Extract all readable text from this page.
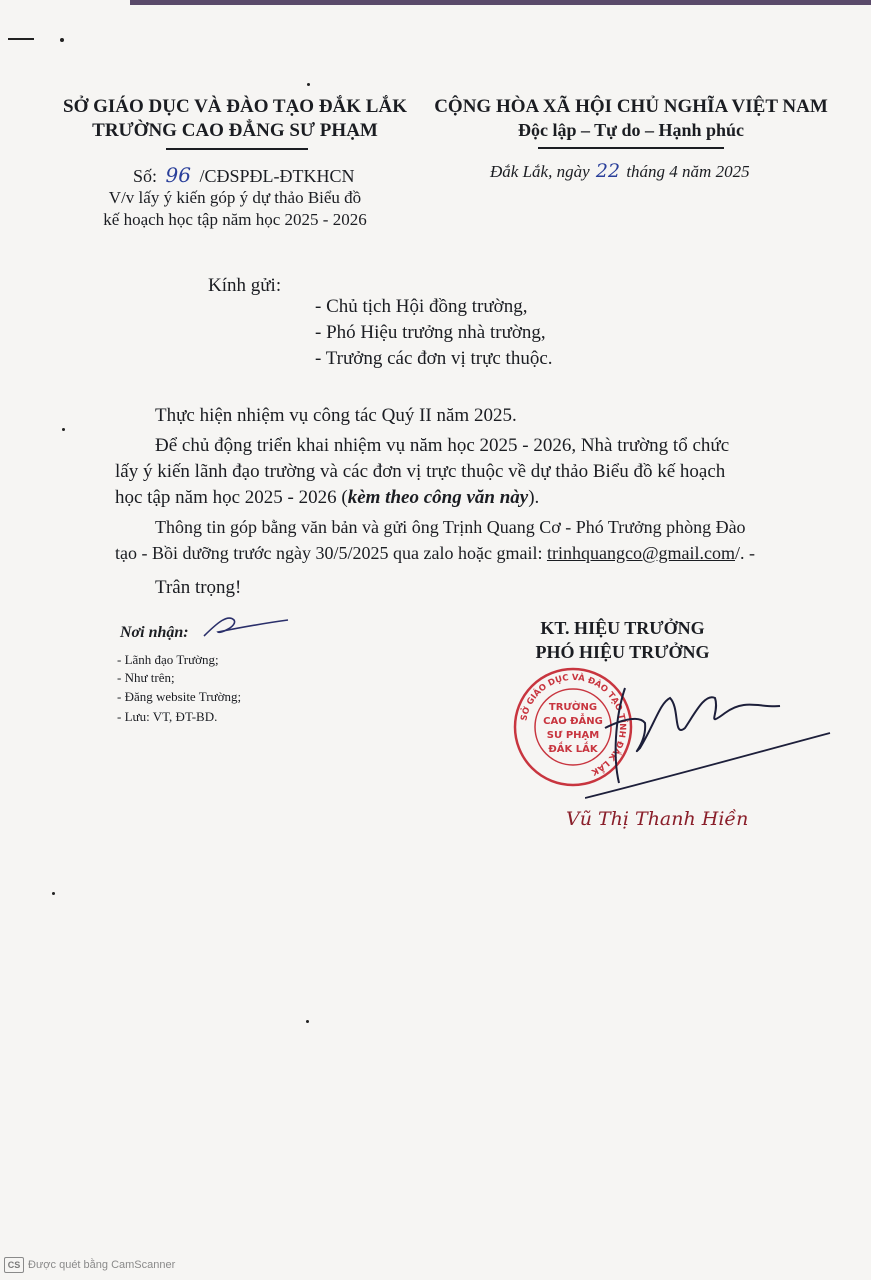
SỞ GIÁO DỤC VÀ ĐÀO TẠO ĐẮK LẮK
TRƯỜNG CAO ĐẲNG SƯ PHẠM
Số: 96 /CĐSPĐL-ĐTKHCN
V/v lấy ý kiến góp ý dự thảo Biểu đồ
kế hoạch học tập năm học 2025 - 2026
CỘNG HÒA XÃ HỘI CHỦ NGHĨA VIỆT NAM
Độc lập – Tự do – Hạnh phúc
Đắk Lắk, ngày 22 tháng 4 năm 2025
Kính gửi:
- Chủ tịch Hội đồng trường,
- Phó Hiệu trưởng nhà trường,
- Trưởng các đơn vị trực thuộc.
Thực hiện nhiệm vụ công tác Quý II năm 2025.
Để chủ động triển khai nhiệm vụ năm học 2025 - 2026, Nhà trường tổ chức
lấy ý kiến lãnh đạo trường và các đơn vị trực thuộc về dự thảo Biểu đồ kế hoạch
học tập năm học 2025 - 2026 (kèm theo công văn này).
Thông tin góp bằng văn bản và gửi ông Trịnh Quang Cơ - Phó Trưởng phòng Đào
tạo - Bồi dưỡng trước ngày 30/5/2025 qua zalo hoặc gmail: trinhquangco@gmail.com/. -
Trân trọng!
Nơi nhận:
- Lãnh đạo Trường;
- Như trên;
- Đăng website Trường;
- Lưu: VT, ĐT-BD.
KT. HIỆU TRƯỞNG
PHÓ HIỆU TRƯỞNG
SỞ GIÁO DỤC VÀ ĐÀO TẠO TỈNH ĐẮK LẮK
TRƯỜNG
CAO ĐẲNG
SƯ PHẠM
ĐẮK LẮK
Vũ Thị Thanh Hiền
CS Được quét bằng CamScanner
